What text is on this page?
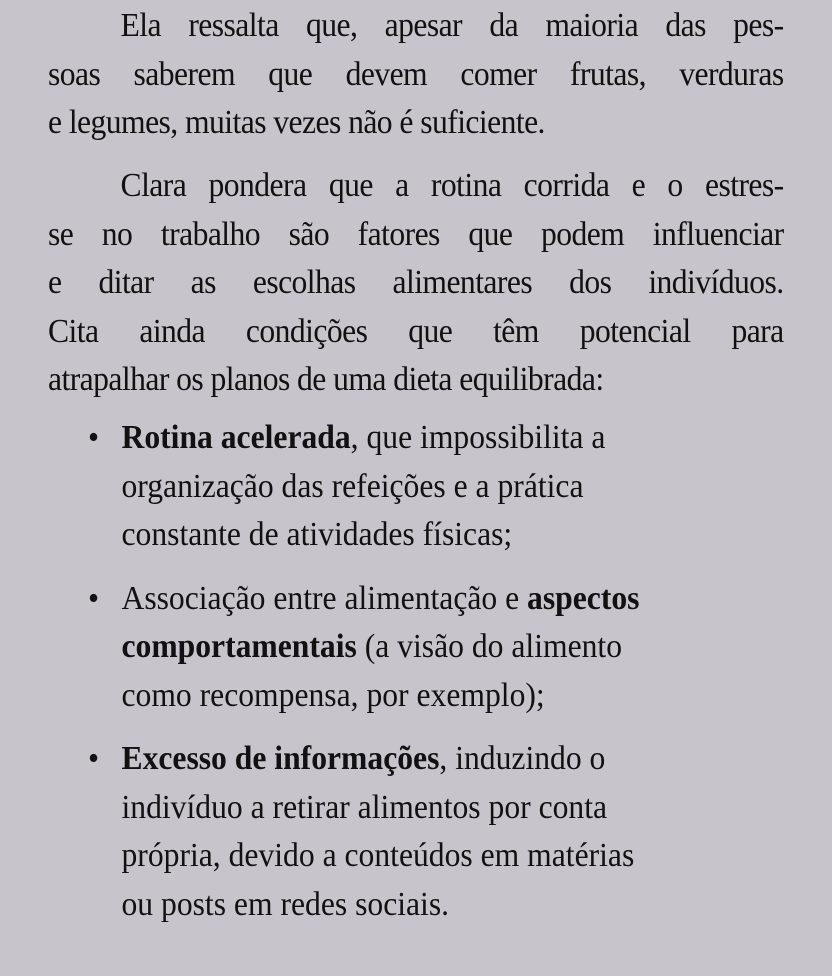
Ela ressalta que, apesar da maioria das pes-
soas saberem que devem comer frutas, verduras
e legumes, muitas vezes não é suficiente.
Clara pondera que a rotina corrida e o estres-
se no trabalho são fatores que podem influenciar
e ditar as escolhas alimentares dos indivíduos.
Cita ainda condições que têm potencial para
atrapalhar os planos de uma dieta equilibrada:
• Rotina acelerada, que impossibilita a
organização das refeições e a prática
constante de atividades físicas;
• Associação entre alimentação e aspectos
comportamentais (a visão do alimento
como recompensa, por exemplo);
• Excesso de informações, induzindo o
indivíduo a retirar alimentos por conta
própria, devido a conteúdos em matérias
ou posts em redes sociais.
